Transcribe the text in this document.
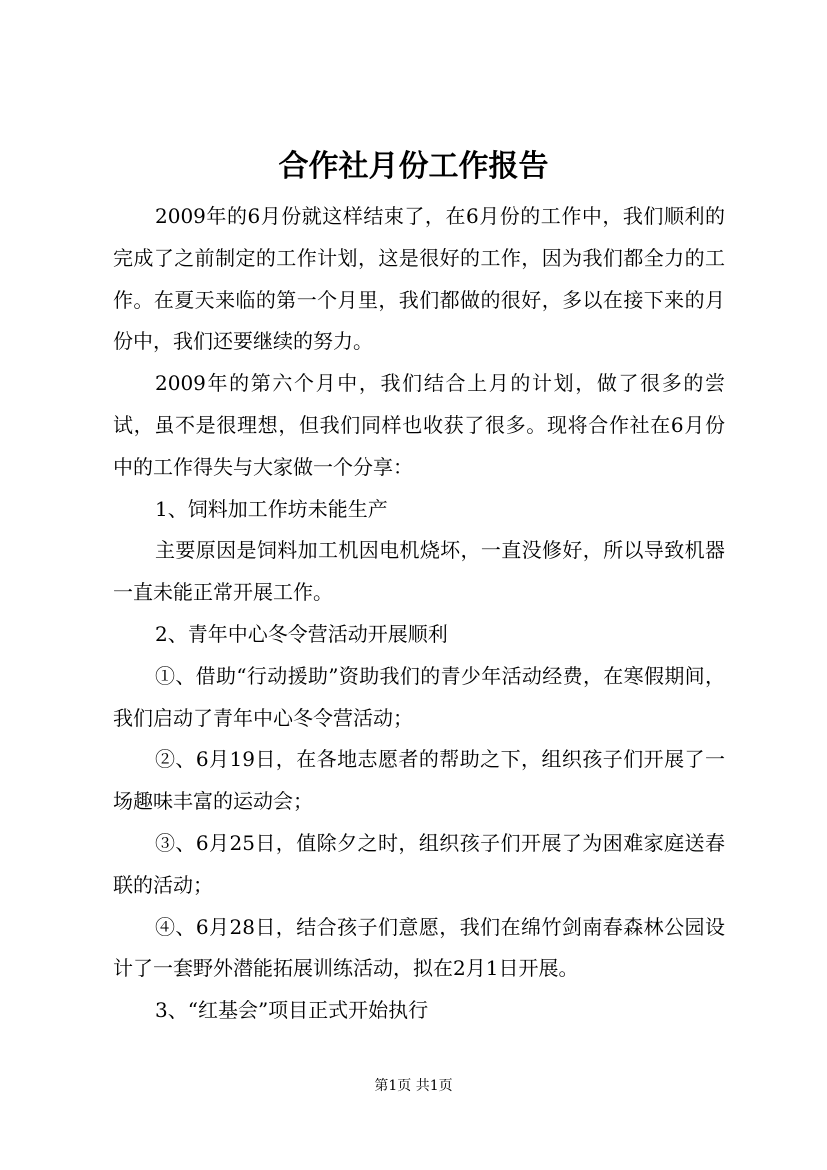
合作社月份工作报告

2009年的6月份就这样结束了，在6月份的工作中，我们顺利的完成了之前制定的工作计划，这是很好的工作，因为我们都全力的工作。在夏天来临的第一个月里，我们都做的很好，多以在接下来的月份中，我们还要继续的努力。

2009年的第六个月中，我们结合上月的计划，做了很多的尝试，虽不是很理想，但我们同样也收获了很多。现将合作社在6月份中的工作得失与大家做一个分享：

1、饲料加工作坊未能生产

主要原因是饲料加工机因电机烧坏，一直没修好，所以导致机器一直未能正常开展工作。

2、青年中心冬令营活动开展顺利

①、借助“行动援助”资助我们的青少年活动经费，在寒假期间，我们启动了青年中心冬令营活动；

②、6月19日，在各地志愿者的帮助之下，组织孩子们开展了一场趣味丰富的运动会；

③、6月25日，值除夕之时，组织孩子们开展了为困难家庭送春联的活动；

④、6月28日，结合孩子们意愿，我们在绵竹剑南春森林公园设计了一套野外潜能拓展训练活动，拟在2月1日开展。

3、“红基会”项目正式开始执行

第1页 共1页
